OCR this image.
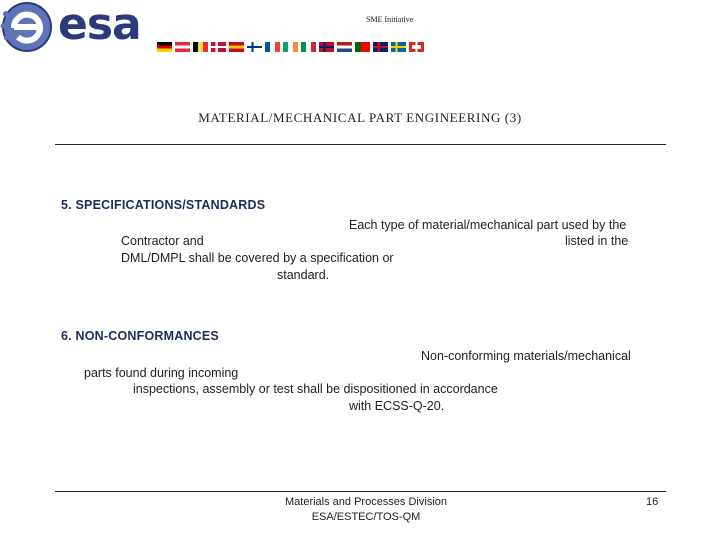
esa	SME Initiative
MATERIAL/MECHANICAL PART ENGINEERING (3)
5. SPECIFICATIONS/STANDARDS
Each type of material/mechanical part used by the
Contractor and	listed in the
DML/DMPL shall be covered by a specification or
standard.
6. NON-CONFORMANCES
Non-conforming materials/mechanical
parts found during incoming
inspections, assembly or test shall be dispositioned in accordance
with ECSS-Q-20.
Materials and Processes Division
ESA/ESTEC/TOS-QM
16
